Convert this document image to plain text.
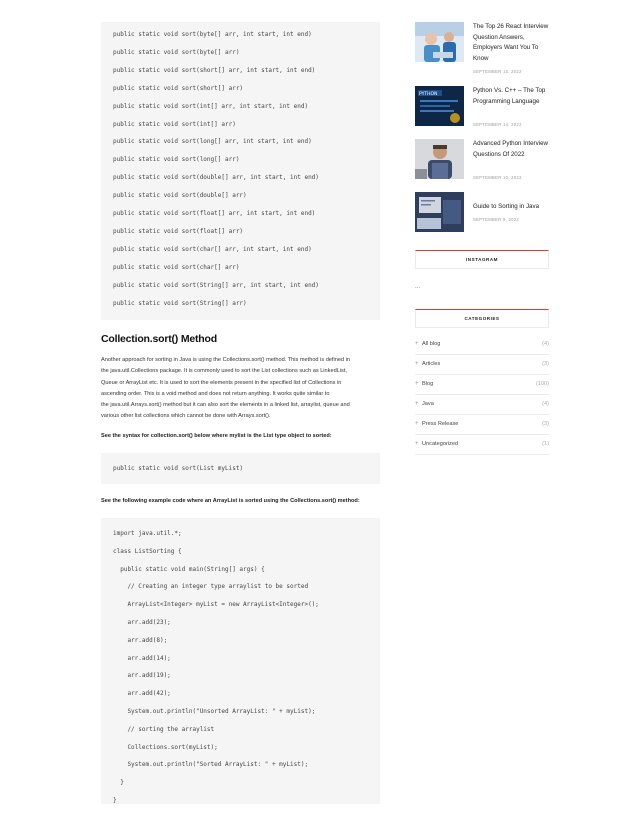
public static void sort(byte[] arr, int start, int end)
public static void sort(byte[] arr)
public static void sort(short[] arr, int start, int end)
public static void sort(short[] arr)
public static void sort(int[] arr, int start, int end)
public static void sort(int[] arr)
public static void sort(long[] arr, int start, int end)
public static void sort(long[] arr)
public static void sort(double[] arr, int start, int end)
public static void sort(double[] arr)
public static void sort(float[] arr, int start, int end)
public static void sort(float[] arr)
public static void sort(char[] arr, int start, int end)
public static void sort(char[] arr)
public static void sort(String[] arr, int start, int end)
public static void sort(String[] arr)
Collection.sort() Method
Another approach for sorting in Java is using the Collections.sort() method. This method is defined in
the java.util.Collections package. It is commonly used to sort the List collections such as LinkedList,
Queue or ArrayList etc. It is used to sort the elements present in the specified list of Collections in
ascending order. This is a void method and does not return anything. It works quite similar to
the java.util.Arrays.sort() method but it can also sort the elements in a linked list, arraylist, queue and
various other list collections which cannot be done with Arrays.sort().
See the syntax for collection.sort() below where mylist is the List type object to sorted:
public static void sort(List myList)
See the following example code where an ArrayList is sorted using the Collections.sort() method:
import java.util.*;
class ListSorting {
public static void main(String[] args) {
// Creating an integer type arraylist to be sorted
ArrayList<Integer> myList = new ArrayList<Integer>();
arr.add(23);
arr.add(8);
arr.add(14);
arr.add(19);
arr.add(42);
System.out.println("Unsorted ArrayList: " + myList);
// sorting the arraylist
Collections.sort(myList);
System.out.println("Sorted ArrayList: " + myList);
}
}
The Top 26 React Interview Question Answers, Employers Want You To Know
SEPTEMBER 15, 2022
PYTHON
Python Vs. C++ – The Top Programming Language
SEPTEMBER 14, 2022
Advanced Python Interview Questions Of 2022
SEPTEMBER 10, 2022
Guide to Sorting in Java
SEPTEMBER 9, 2022
INSTAGRAM
...
CATEGORIES
+ All blog	(4)
+ Articles	(3)
+ Blog	(100)
+ Java	(4)
+ Press Release	(3)
+ Uncategorized	(1)
